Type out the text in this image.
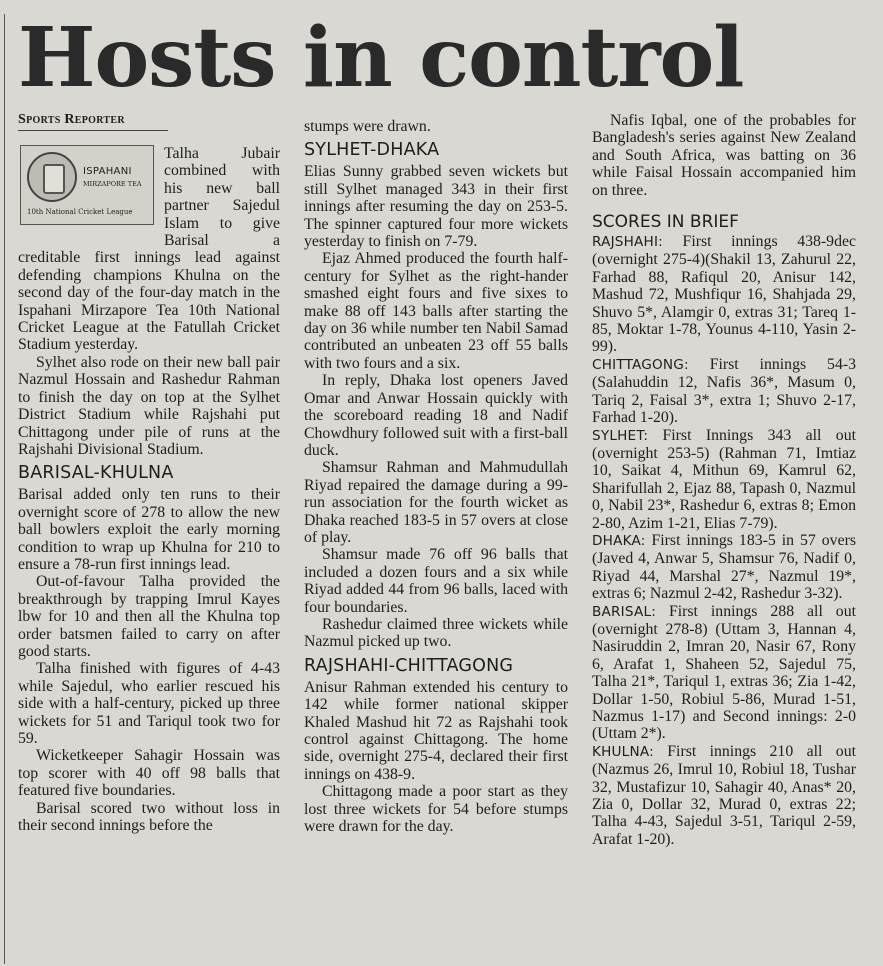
Hosts in control
Sports Reporter
ISPAHANI
MIRZAPORE TEA
10th National Cricket League

Talha Jubair combined with his new ball partner Sajedul Islam to give Barisal a creditable first innings lead against defending champions Khulna on the second day of the four-day match in the Ispahani Mirzapore Tea 10th National Cricket League at the Fatullah Cricket Stadium yesterday.

Sylhet also rode on their new ball pair Nazmul Hossain and Rashedur Rahman to finish the day on top at the Sylhet District Stadium while Rajshahi put Chittagong under pile of runs at the Rajshahi Divisional Stadium.

BARISAL-KHULNA

Barisal added only ten runs to their overnight score of 278 to allow the new ball bowlers exploit the early morning condition to wrap up Khulna for 210 to ensure a 78-run first innings lead.

Out-of-favour Talha provided the breakthrough by trapping Imrul Kayes lbw for 10 and then all the Khulna top order batsmen failed to carry on after good starts.

Talha finished with figures of 4-43 while Sajedul, who earlier rescued his side with a half-century, picked up three wickets for 51 and Tariqul took two for 59.

Wicketkeeper Sahagir Hossain was top scorer with 40 off 98 balls that featured five boundaries.

Barisal scored two without loss in their second innings before the

stumps were drawn.

SYLHET-DHAKA

Elias Sunny grabbed seven wickets but still Sylhet managed 343 in their first innings after resuming the day on 253-5. The spinner captured four more wickets yesterday to finish on 7-79.

Ejaz Ahmed produced the fourth half-century for Sylhet as the right-hander smashed eight fours and five sixes to make 88 off 143 balls after starting the day on 36 while number ten Nabil Samad contributed an unbeaten 23 off 55 balls with two fours and a six.

In reply, Dhaka lost openers Javed Omar and Anwar Hossain quickly with the scoreboard reading 18 and Nadif Chowdhury followed suit with a first-ball duck.

Shamsur Rahman and Mahmudullah Riyad repaired the damage during a 99-run association for the fourth wicket as Dhaka reached 183-5 in 57 overs at close of play.

Shamsur made 76 off 96 balls that included a dozen fours and a six while Riyad added 44 from 96 balls, laced with four boundaries.

Rashedur claimed three wickets while Nazmul picked up two.

RAJSHAHI-CHITTAGONG

Anisur Rahman extended his century to 142 while former national skipper Khaled Mashud hit 72 as Rajshahi took control against Chittagong. The home side, overnight 275-4, declared their first innings on 438-9.

Chittagong made a poor start as they lost three wickets for 54 before stumps were drawn for the day.

Nafis Iqbal, one of the probables for Bangladesh's series against New Zealand and South Africa, was batting on 36 while Faisal Hossain accompanied him on three.

SCORES IN BRIEF

RAJSHAHI: First innings 438-9dec (overnight 275-4)(Shakil 13, Zahurul 22, Farhad 88, Rafiqul 20, Anisur 142, Mashud 72, Mushfiqur 16, Shahjada 29, Shuvo 5*, Alamgir 0, extras 31; Tareq 1-85, Moktar 1-78, Younus 4-110, Yasin 2-99).

CHITTAGONG: First innings 54-3 (Salahuddin 12, Nafis 36*, Masum 0, Tariq 2, Faisal 3*, extra 1; Shuvo 2-17, Farhad 1-20).

SYLHET: First Innings 343 all out (overnight 253-5) (Rahman 71, Imtiaz 10, Saikat 4, Mithun 69, Kamrul 62, Sharifullah 2, Ejaz 88, Tapash 0, Nazmul 0, Nabil 23*, Rashedur 6, extras 8; Emon 2-80, Azim 1-21, Elias 7-79).

DHAKA: First innings 183-5 in 57 overs (Javed 4, Anwar 5, Shamsur 76, Nadif 0, Riyad 44, Marshal 27*, Nazmul 19*, extras 6; Nazmul 2-42, Rashedur 3-32).

BARISAL: First innings 288 all out (overnight 278-8) (Uttam 3, Hannan 4, Nasiruddin 2, Imran 20, Nasir 67, Rony 6, Arafat 1, Shaheen 52, Sajedul 75, Talha 21*, Tariqul 1, extras 36; Zia 1-42, Dollar 1-50, Robiul 5-86, Murad 1-51, Nazmus 1-17) and Second innings: 2-0 (Uttam 2*).

KHULNA: First innings 210 all out (Nazmus 26, Imrul 10, Robiul 18, Tushar 32, Mustafizur 10, Sahagir 40, Anas* 20, Zia 0, Dollar 32, Murad 0, extras 22; Talha 4-43, Sajedul 3-51, Tariqul 2-59, Arafat 1-20).
